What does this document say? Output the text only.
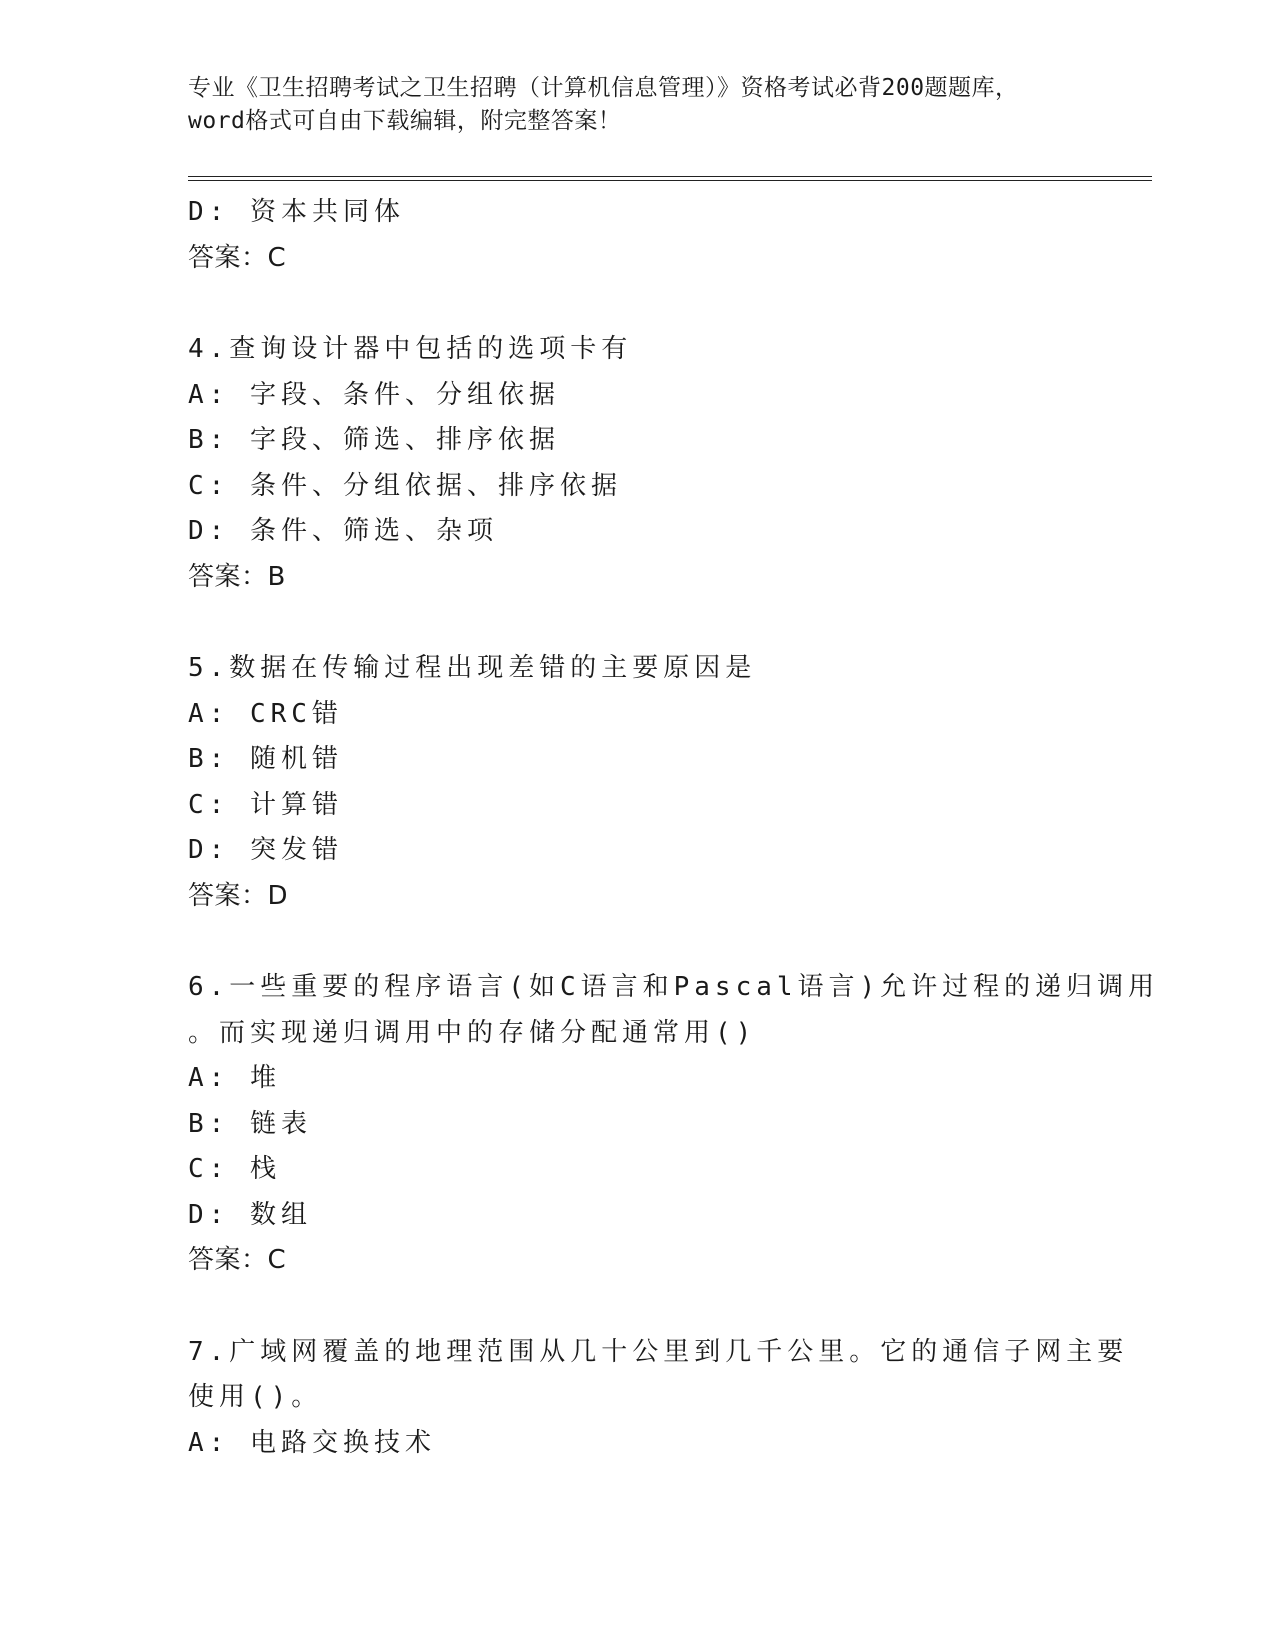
专业《卫生招聘考试之卫生招聘（计算机信息管理）》资格考试必背200题题库，
word格式可自由下载编辑，附完整答案！
D: 资本共同体
答案：C
4.查询设计器中包括的选项卡有
A: 字段、条件、分组依据
B: 字段、筛选、排序依据
C: 条件、分组依据、排序依据
D: 条件、筛选、杂项
答案：B
5.数据在传输过程出现差错的主要原因是
A: CRC错
B: 随机错
C: 计算错
D: 突发错
答案：D
6.一些重要的程序语言(如C语言和Pascal语言)允许过程的递归调用
。而实现递归调用中的存储分配通常用()
A: 堆
B: 链表
C: 栈
D: 数组
答案：C
7.广域网覆盖的地理范围从几十公里到几千公里。它的通信子网主要
使用()。
A: 电路交换技术
